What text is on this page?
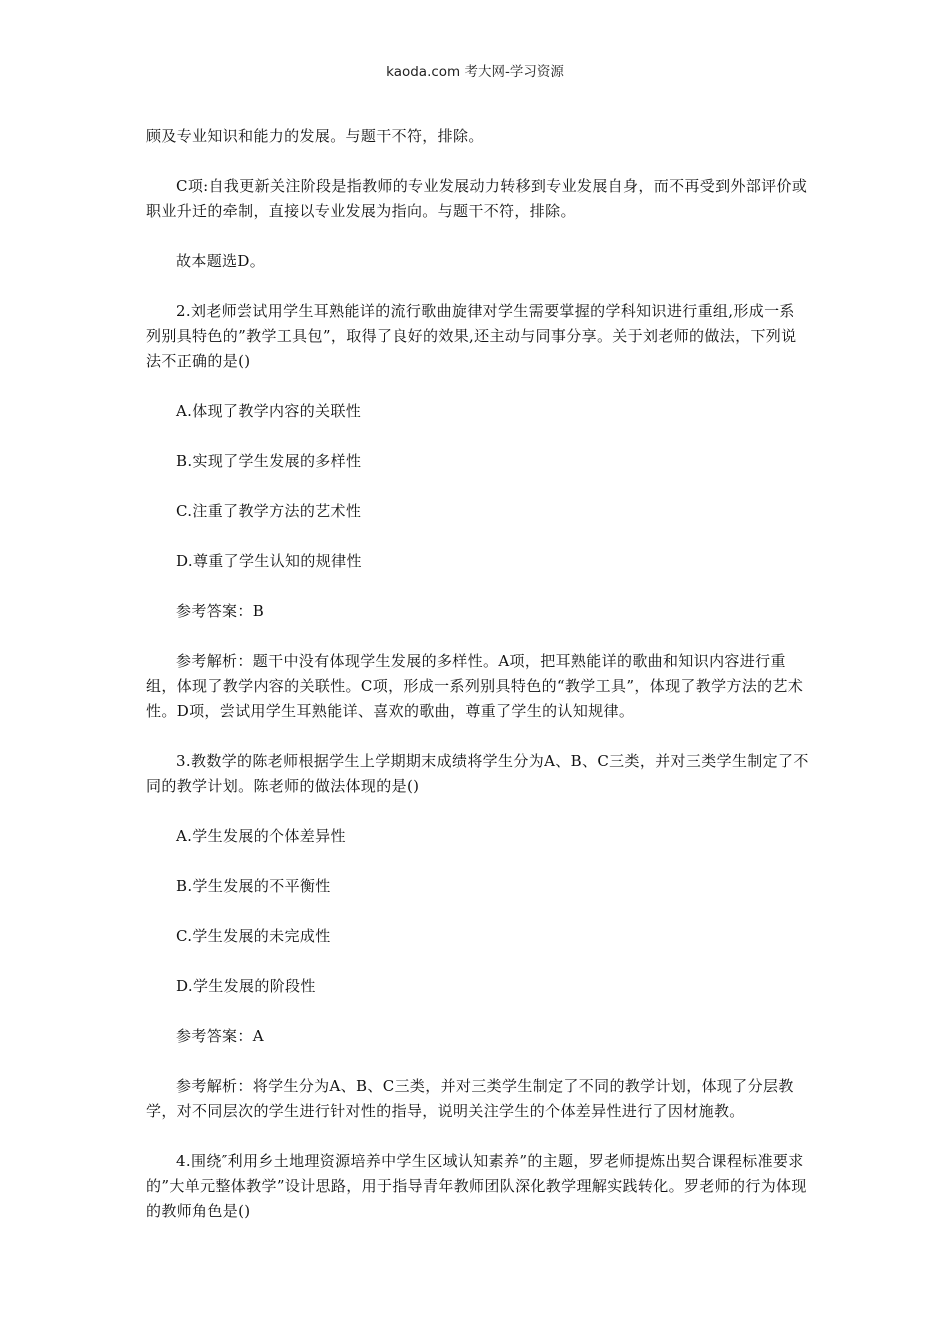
kaoda.com 考大网-学习资源

顾及专业知识和能力的发展。与题干不符，排除。

C项:自我更新关注阶段是指教师的专业发展动力转移到专业发展自身，而不再受到外部评价或职业升迁的牵制，直接以专业发展为指向。与题干不符，排除。

故本题选D。

2.刘老师尝试用学生耳熟能详的流行歌曲旋律对学生需要掌握的学科知识进行重组,形成一系列别具特色的”教学工具包”，取得了良好的效果,还主动与同事分享。关于刘老师的做法，下列说法不正确的是()

A.体现了教学内容的关联性

B.实现了学生发展的多样性

C.注重了教学方法的艺术性

D.尊重了学生认知的规律性

参考答案：B

参考解析：题干中没有体现学生发展的多样性。A项，把耳熟能详的歌曲和知识内容进行重组，体现了教学内容的关联性。C项，形成一系列别具特色的“教学工具”，体现了教学方法的艺术性。D项，尝试用学生耳熟能详、喜欢的歌曲，尊重了学生的认知规律。

3.教数学的陈老师根据学生上学期期末成绩将学生分为A、B、C三类，并对三类学生制定了不同的教学计划。陈老师的做法体现的是()

A.学生发展的个体差异性

B.学生发展的不平衡性

C.学生发展的未完成性

D.学生发展的阶段性

参考答案：A

参考解析：将学生分为A、B、C三类，并对三类学生制定了不同的教学计划，体现了分层教学，对不同层次的学生进行针对性的指导，说明关注学生的个体差异性进行了因材施教。

4.围绕″利用乡土地理资源培养中学生区域认知素养”的主题，罗老师提炼出契合课程标准要求的”大单元整体教学”设计思路，用于指导青年教师团队深化教学理解实践转化。罗老师的行为体现的教师角色是()
